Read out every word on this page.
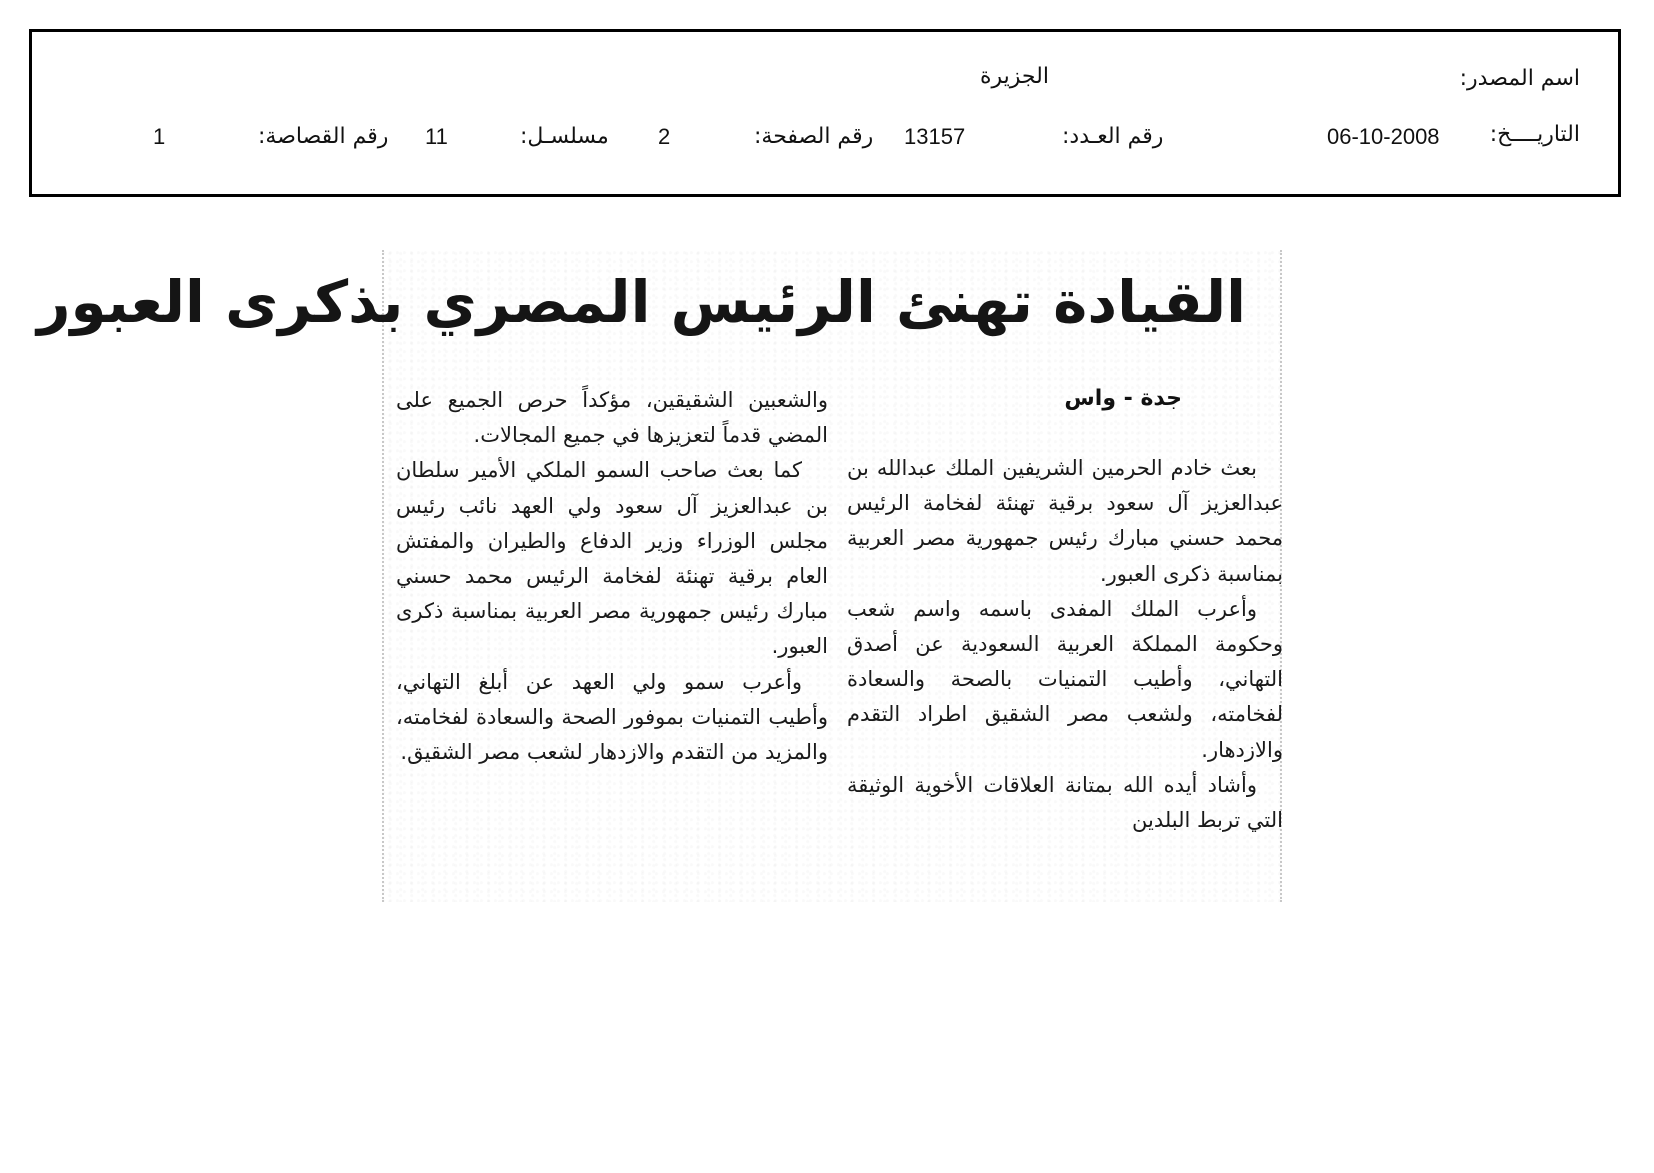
اسم المصدر:
الجزيرة
التاريــــخ:
06-10-2008
رقم العـدد:
13157
رقم الصفحة:
2
مسلسـل:
11
رقم القصاصة:
1
القيادة تهنئ الرئيس المصري بذكرى العبور
جدة - واس

بعث خادم الحرمين الشريفين الملك عبدالله بن عبدالعزيز آل سعود برقية تهنئة لفخامة الرئيس محمد حسني مبارك رئيس جمهورية مصر العربية بمناسبة ذكرى العبور.

وأعرب الملك المفدى باسمه واسم شعب وحكومة المملكة العربية السعودية عن أصدق التهاني، وأطيب التمنيات بالصحة والسعادة لفخامته، ولشعب مصر الشقيق اطراد التقدم والازدهار.

وأشاد أيده الله بمتانة العلاقات الأخوية الوثيقة التي تربط البلدين

والشعبين الشقيقين، مؤكداً حرص الجميع على المضي قدماً لتعزيزها في جميع المجالات.

كما بعث صاحب السمو الملكي الأمير سلطان بن عبدالعزيز آل سعود ولي العهد نائب رئيس مجلس الوزراء وزير الدفاع والطيران والمفتش العام برقية تهنئة لفخامة الرئيس محمد حسني مبارك رئيس جمهورية مصر العربية بمناسبة ذكرى العبور.

وأعرب سمو ولي العهد عن أبلغ التهاني، وأطيب التمنيات بموفور الصحة والسعادة لفخامته، والمزيد من التقدم والازدهار لشعب مصر الشقيق.
